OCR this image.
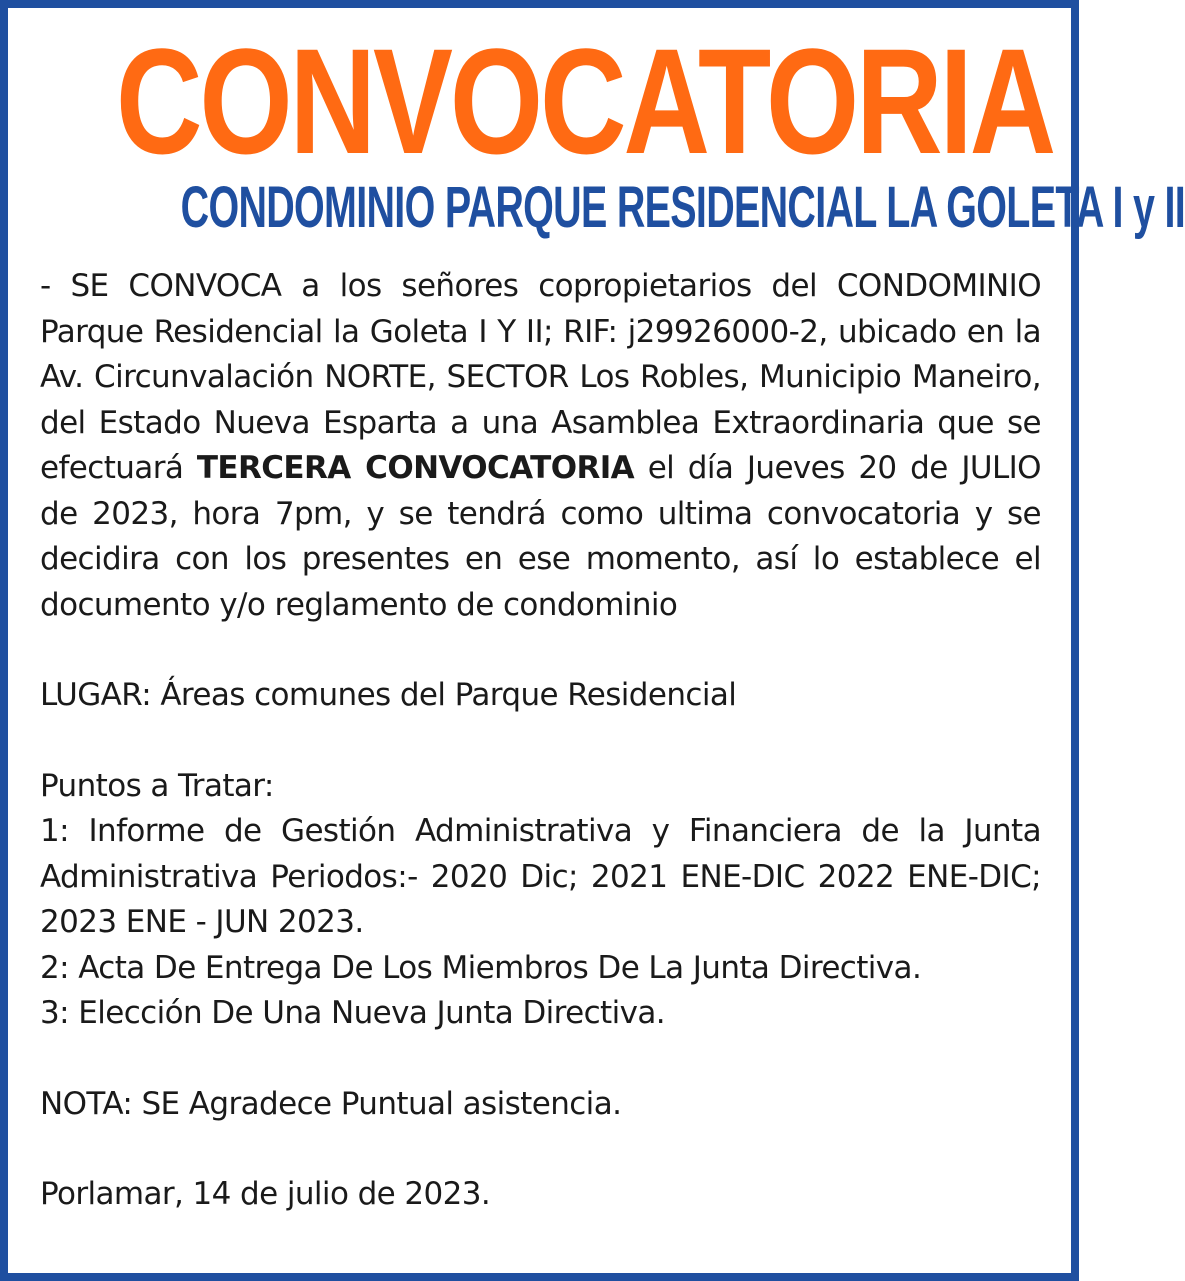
CONVOCATORIA
CONDOMINIO PARQUE RESIDENCIAL LA GOLETA I y II

- SE CONVOCA a los señores copropietarios del CONDOMINIO Parque Residencial la Goleta I Y II; RIF: j29926000-2, ubicado en la Av. Circunvalación NORTE, SECTOR Los Robles, Municipio Maneiro, del Estado Nueva Esparta a una Asamblea Extraordinaria que se efectuará TERCERA CONVOCATORIA el día Jueves 20 de JULIO de 2023, hora 7pm, y se tendrá como ultima convocatoria y se decidira con los presentes en ese momento, así lo establece el documento y/o reglamento de condominio

LUGAR: Áreas comunes del Parque Residencial
Puntos a Tratar:

1: Informe de Gestión Administrativa y Financiera de la Junta Administrativa Periodos:- 2020 Dic; 2021 ENE-DIC 2022 ENE-DIC; 2023 ENE - JUN 2023.

2: Acta De Entrega De Los Miembros De La Junta Directiva.
3: Elección De Una Nueva Junta Directiva.
NOTA: SE Agradece Puntual asistencia.
Porlamar, 14 de julio de 2023.
